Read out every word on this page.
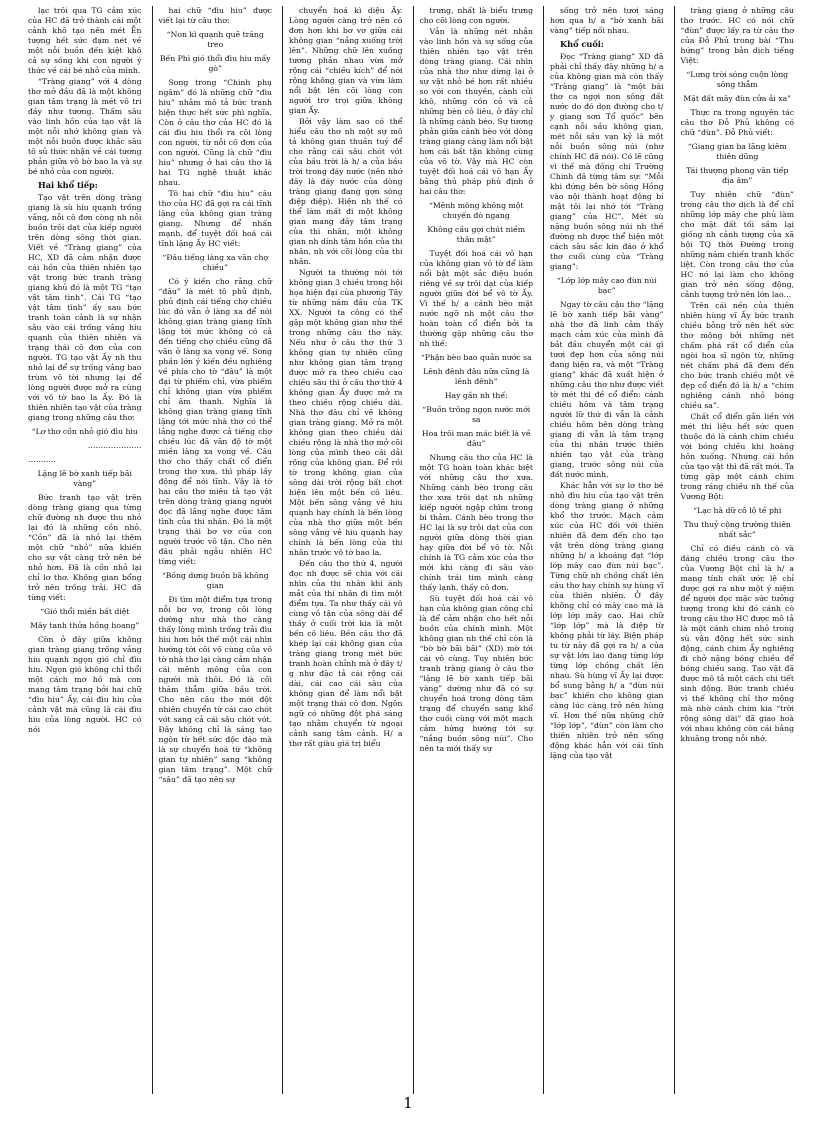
lạc trôi qua TG cảm xúc của HC đã trở thành cái một cảnh khô tạo nên mét Ễn tượng hết sức đạm nét về một nỗi buồn đến kiệt khô cả sự sống khi con người ý thức về cái bé nhỏ của mình.

“Tràng giang” với 4 dòng thơ mở đầu đã là một không gian tâm trạng là mét vô tri đầy như tương. Thấm sâu vào linh hồn của tạo vật là một nỗi nhớ không gian và một nỗi buồn được khắc sâu tô sủ thức nhận về cái tương phản giữa vô bờ bao la và sự bé nhỏ của con người.

Hai khổ tiếp:

Tạo vật trên dòng tràng giang là sù hiu quạnh trống vắng, nỗi cô đơn còng nh nỗi buồn trôi dạt của kiếp người trên dòng sông thời gian. Viết về “Tràng giang” của HC, XD đã cảm nhận được cái hồn của thiên nhiên tạo vật trong bức tranh tràng giang khủ đó là một TG “tạo vật tâm tình”. Cái TG “tạo vật tâm tình” ấy sau bức tranh toàn cảnh là sự nhận sâu vào cái trống vắng hiu quạnh của thiên nhiên và trạng thái cô đơn của con người. TG tạo vật Ấy nh thu nhỏ lại để sự trống vắng bao trùm vô tời nhưng lại để lòng người được mở ra cùng với vô tờ bao la Ấy. Đó là thiên nhiên tạo vật của tràng giang trong những câu thơ:

“Lơ thơ cồn nhỏ gió đìu hiu

…………………

………..

Lặng lẽ bờ xanh tiếp bãi vàng”

Bức tranh tạo vật trên dòng tràng giang qua từng chữ đường nh được thu nhỏ lại đó là những cồn nhỏ. “Cồn” đã là nhỏ lại thêm một chữ “nhỏ” nữa khiến cho sự vật càng trở nên bé nhỏ hơn. Đã là cồn nhỏ lại chỉ lơ thơ. Không gian bổng trở nên trống trải. HC đã từng viết:

“Gió thổi miền bất diệt

Mây tanh thửa hồng hoang”

Còn ở đây giữa không gian tràng giang trống vắng hiu quạnh ngọn gió chỉ đìu hiu. Ngọn gió không chỉ thổi một cách mơ hồ mà con mang tâm trạng bởi hai chữ “đìu hiu” Ấy, cái đìu hiu của cảnh vật mà cũng là cái đìu hiu của lòng người. HC có nói

hai chữ “đìu hiu” được viết lại từ câu thơ:

“Non kì quạnh quẽ trăng treo

Bến Phì gió thổi đìu hiu mấy gò”

Song trong “Chinh phụ ngâm” đó là những chữ “đìu hiu” nhằm mô tả bức tranh hiện thực hết sức phì nghĩa. Còn ở câu thơ của HC đó là cái đìu hiu thổi ra cõi lòng con người, từ nỗi cô đơn của con người. Cũng là chữ “đìu hiu” nhưng ở hai câu thơ là hai TG nghệ thuật khác nhau.

Tô hai chữ “đìu hiu” câu thơ của HC đã gợi ra cái tĩnh lặng của không gian tràng giang. Nhưng để nhấn mạnh, để tuyệt đối hoá cái tĩnh lặng Ấy HC viết:

“Đâu tiếng làng xa vãn chợ chiều”

Có ý kiến cho rằng chữ “đâu” là mét tô phủ định, phủ định cái tiếng chợ chiều lúc đó vẫn ở làng xa để nói không gian tràng giang tĩnh lặng tới mức không có cả đến tiếng chợ chiều cũng đã vãn ở làng xa vọng về. Song phần lớn ý kiến đều nghiêng về phía cho tờ “đâu” là một đại từ phiếm chỉ, vừa phiếm chỉ không gian vừa phiếm chỉ âm thanh. Nghĩa là không gian tràng giang tĩnh lặng tới mức nhà thơ có thể lắng nghe được cả tiếng chợ chiều lúc đã vãn độ tờ một miền làng xa vọng về. Câu thơ cho thấy chất cổ điển trong thơ xưa, thì pháp lấy động để nói tĩnh. Vậy là tờ hai câu thơ miêu tả tạo vật trên dòng tràng giang người đọc đã lắng nghe được tâm tình của thi nhân. Đó là một trạng thái bơ vơ của con người trước vô tận. Cho nên đâu phải ngẫu nhiên HC từng viết:

“Bồng dưng buồn bã không gian

Đi tìm một điểm tựa trong nỗi bơ vơ, trong cõi lòng dường như nhà thơ càng thấy lòng mình trống trải đìu hiu hơn bởi thế một cái nhìn hướng tới cõi vô cùng của vô tờ nhà thơ lại càng cảm nhận cái mênh mông của con người mà thôi. Đó là cõi thăm thẳm giữa bầu trời. Cho nên câu thơ mới đột nhiên chuyển từ cái cao chót vót sang cả cái sâu chót vót. Đây không chỉ là sáng tạo ngôn từ hết sức độc đáo mà là sự chuyển hoá từ “không gian tự nhiên” sang “không gian tâm trạng”. Một chữ “sâu” đã tạo nên sự

chuyển hoá kì diệu Ấy. Lòng người càng trở nên cô đơn hơn khi bơ vơ giữa cái không gian “nắng xuống trời lên”. Những chữ lên xuống tương phản nhau vừa mở rộng cái “chiều kích” để nới rộng không gian và vừa làm nổi bật lên cõi lòng con người trơ trọi giữa không gian Ấy.

Bởi vậy làm sao có thể hiểu câu thơ nh một sự mô tả không gian thuần tuý để cho rằng cái sâu chót vót của bầu trời là h/ a của bầu trời trong đáy nước (nên nhớ đây là đáy nước của dòng tràng giang đang gợn sóng điệp điệp). Hiện nh thế có thể làm mất đi một không gian mang đầy tâm trạng của thi nhân, một không gian nh dính tâm hồn của thi nhân, nh với cõi lòng của thi nhân.

Người ta thường nói tới không gian 3 chiều trong hội họa hiện đại của phương Tây từ những năm đầu của TK XX. Người ta công có thể gặp một không gian như thế trong những câu thơ này. Nếu như ở câu thơ thứ 3 không gian tự nhiên cũng như không gian tâm trạng được mở ra theo chiều cao chiều sâu thì ở câu thơ thứ 4 không gian Ấy được mở ra theo chiều rộng chiều dài. Nhà thơ đâu chỉ vẽ không gian tràng giang. Mở ra một không gian theo chiều dài chiều rộng là nhà thơ mở cõi lòng của mình theo cái dải rộng của không gian. Để rồi tờ trong không gian của sông dài trời rộng bất chợt hiện lên một bến cô liêu. Một bến sông vắng vẻ hiu quạnh hay chính là bến lòng của nhà thơ giữa một bến sông vắng vẻ hiu quạnh hay chính là bến lòng của thi nhân trước vô tờ bao la.

Đến câu thơ thứ 4, người đọc nh được sẽ chia với cái nhìn của thi nhân khi ánh mắt của thi nhân đi tìm một điểm tựa. Ta như thấy cái vô cùng vô tận của sông dài để thấy ở cuối trời kia là một bến cô liêu. Bến câu thơ đã khép lại cái không gian của tràng giang trong mét bức tranh hoàn chỉnh mà ở đây t/ g như đặc tả cái rộng cái dài, cái cao cái sâu của không gian để làm nổi bật một trạng thái cô đơn. Ngôn ngữ có những đột phá sáng tạo nhằm chuyển từ ngoại cảnh sang tâm cảnh. H/ a thơ rất giàu giá trị biểu

trưng, nhất là biểu trưng cho cõi lòng con người.

Vẫn là những nét nhẫn vào linh hồn và sự sống của thiên nhiên tạo vật trên dòng tràng giang. Cái nhìn của nhà thơ như dừng lại ở sự vật nhỏ bé hơn rất nhiều so với con thuyền, cành củi khô, những cồn cỏ và cả những bèn cỏ liêu, ở đây chỉ là những cánh bèo. Sự tương phản giữa cánh bèo với dòng tràng giang càng làm nổi bật hơn cái bất tận không cùng của vô tờ. Vậy mà HC còn tuyệt đối hoá cái vô hạn Ấy bằng thủ pháp phủ định ở hai câu thơ:

“Mênh mông không một chuyến đò ngang

Không cầu gợi chút niềm thân mật”

Tuyệt đối hoá cái vô hạn của không gian vô tờ để làm nổi bật một sắc điệu buồn riêng về sự trôi dạt của kiếp người giữa đời bể vô tờ Ấy. Vì thế h/ a cánh bèo mặt nước ngỡ nh một câu thơ hoàn toàn cổ điển bởi ta thường gặp những câu thơ nh thế:

“Phận bèo bao quản nước sa

Lênh đênh đâu nữa cũng là lênh đênh”

Hay gần nh thế:

“Buồn trông ngọn nước mới sa

Hoa trôi man mác biết là về đâu”

Nhưng câu thơ của HC là một TG hoàn toàn khác biệt với những câu thơ xưa. Những cánh bèo trong câu thơ xưa trôi dạt nh những kiếp người ngập chìm trong bi thảm. Cánh bèo trong thơ HC lại là sự trôi dạt của con người giữa dòng thời gian hay giữa đời bể vô tờ. Nỗi chính là TG cảm xúc của thơ mới khi càng đi sâu vào chính trái tim mình càng thấy lạnh, thấy cô đơn.

Sù tuyệt đối hoá cái vô hạn của không gian công chỉ là để cảm nhận cho hết nỗi buồn của chính mình. Một không gian nh thế chỉ còn là “bờ bờ bãi bãi” (XD) mờ tới cái vô cùng. Tuy nhiên bức tranh tràng giang ở câu thơ “lặng lẽ bờ xanh tiếp bãi vàng” dường như đã có sự chuyển hoá trong dòng tâm trạng để chuyển sang khổ thơ cuối cùng với một mạch cảm hứng hướng tới sự “nắng buồn sông núi”. Cho nên ta mới thấy sự

sống trở nên tươi sáng hơn qua h/ a “bờ xanh bãi vàng” tiếp nối nhau.

Khổ cuối:

Đọc “Tràng giang” XD đã phải chỉ thấy đây những h/ a của không gian mà còn thấy “Tràng giang” là “một bài thơ ca ngợi non sông đất nước do đó dọn đường cho t/ y giang sơn Tổ quốc” bên cạnh nỗi sầu không gian, mét nỗi sầu vạn kỷ là một nỗi buồn sông núi (như chính HC đã nói). Có lẽ cũng vì thế mà đồng chí Trường Chinh đã từng tâm sự: “Mỗi khi đứng bên bờ sông Hồng vào nội thành hoạt động bí mật tôi lại nhớ tới “Tràng giang” của HC”. Mét sù nặng buồn sông núi nh thế đường nh được thể hiện một cách sâu sắc kín đáo ở khổ thơ cuối cùng của “Tràng giang”:

“Lớp lớp mây cao đùn núi bạc”

Ngay tờ câu cậu thơ “lặng lẽ bờ xanh tiếp bãi vàng” nhà thơ đã linh cảm thấy mạch cảm xúc của mình đã bắt đầu chuyển một cái gì tươi đẹp hơn của sông núi đang hiện ra, và một “Tràng giang” khác đã xuất hiện ở những câu thơ như được viết tờ mét thi đề cổ điển: cánh chiều hôm và tâm trạng người lữ thứ đi vẫn là cảnh chiều hôm bên dòng tràng giang đi vẫn là tâm trạng của thi nhân trước thiên nhiên tạo vật của tràng giang, trước sông núi của đất nước mình.

Khác hẳn với sự lơ thơ bé nhỏ đìu hiu của tạo vật trên dòng tràng giang ở những khổ thơ trước. Mạch cảm xúc của HC đối với thiên nhiên đã đem đến cho tạo vật trên dòng tràng giang những h/ a khoáng đạt “lớp lớp mây cao đùn núi bạc”. Từng chữ nh chồng chất lên câu thơ hay chính sự hùng vĩ của thiên nhiên. Ở đây không chỉ có mây cao mà là lớp lớp mây cao. Hai chữ “lớp lớp” mà là điệp từ không phải từ láy. Biện pháp tu từ này đã gợi ra h/ a của sự vật lớn lao đang từng lớp từng lớp chồng chất lên nhau. Sù hùng vĩ Ấy lại được bổ sung bằng h/ a “đùn núi bạc” khiến cho không gian càng lúc càng trở nên hùng vĩ. Hơn thế nữa những chữ “lớp lớp”, “đùn” còn làm cho thiên nhiên trở nên sống động khác hẳn với cái tĩnh lặng của tạo vật

tràng giang ở những câu thơ trước. HC có nói chữ “đùn” được lấy ra từ câu thơ của Đỗ Phủ trong bài “Thu hứng” trong bản dịch tiếng Việt:

“Lưng trời sóng cuộn lòng sông thẳm

Mặt đất mây đùn cửa ải xa”

Thực ra trong nguyên tác câu thơ Đỗ Phủ không có chữ “đùn”. Đỗ Phủ viết:

“Giang gian ba lãng kiêm thiên dũng

Tái thượng phong vân tiếp địa âm”

Tuy nhiên chữ “đùn” trong câu thơ dịch là để chỉ những lớp mây che phủ làm cho mặt đất tối sầm lại giống nh cảnh tượng của xã hội TQ thời Đường trong những năm chiến tranh khốc liệt. Còn trong câu thơ của HC nó lại làm cho không gian trở nên sống động, cảnh tượng trở nên lớn lao…

Trên cái nền của thiên nhiên hùng vĩ Ấy bức tranh chiều bỗng trở nên hết sức thơ mộng bởi những nét chấm phá rất cổ điển của ngòi hoa sĩ ngôn từ, những nét chấm phá đã đem đến cho bức tranh chiều một vẻ đẹp cổ điển đó là h/ a “chim nghiêng cánh nhỏ bóng chiều sa”.

Chất cổ điển gắn liền với mét thi liệu hết sức quen thuộc đó là cánh chim chiều với bóng chiều khi hoàng hôn xuống. Nhưng cái hồn của tạo vật thì đã rất mới. Ta từng gặp một cánh chim trong ráng chiều nh thế của Vương Bột:

“Lạc hà dữ cô lộ tề phi

Thu thuỷ cộng trường thiên nhất sắc”

Chỉ có điều cánh cò và đáng chiều trong câu thơ của Vương Bột chỉ là h/ a mang tính chất ước lệ chỉ được gợi ra như một ý niệm để người đọc mặc sức tưởng tượng trong khi đó cánh cò trong câu thơ HC được mô tả là một cánh chim nhỏ trong sù vận động hết sức sinh động, cánh chim Ấy nghiêng đi chở nặng bóng chiều để bóng chiều sang. Tạo vật đã được mô tả một cách chi tiết sinh động. Bức tranh chiều vì thế không chỉ thơ mộng mà nhờ cánh chim kia “trời rộng sông dài” đã giao hoà với nhau không còn cái bảng khuâng trong nỗi nhớ.

1
